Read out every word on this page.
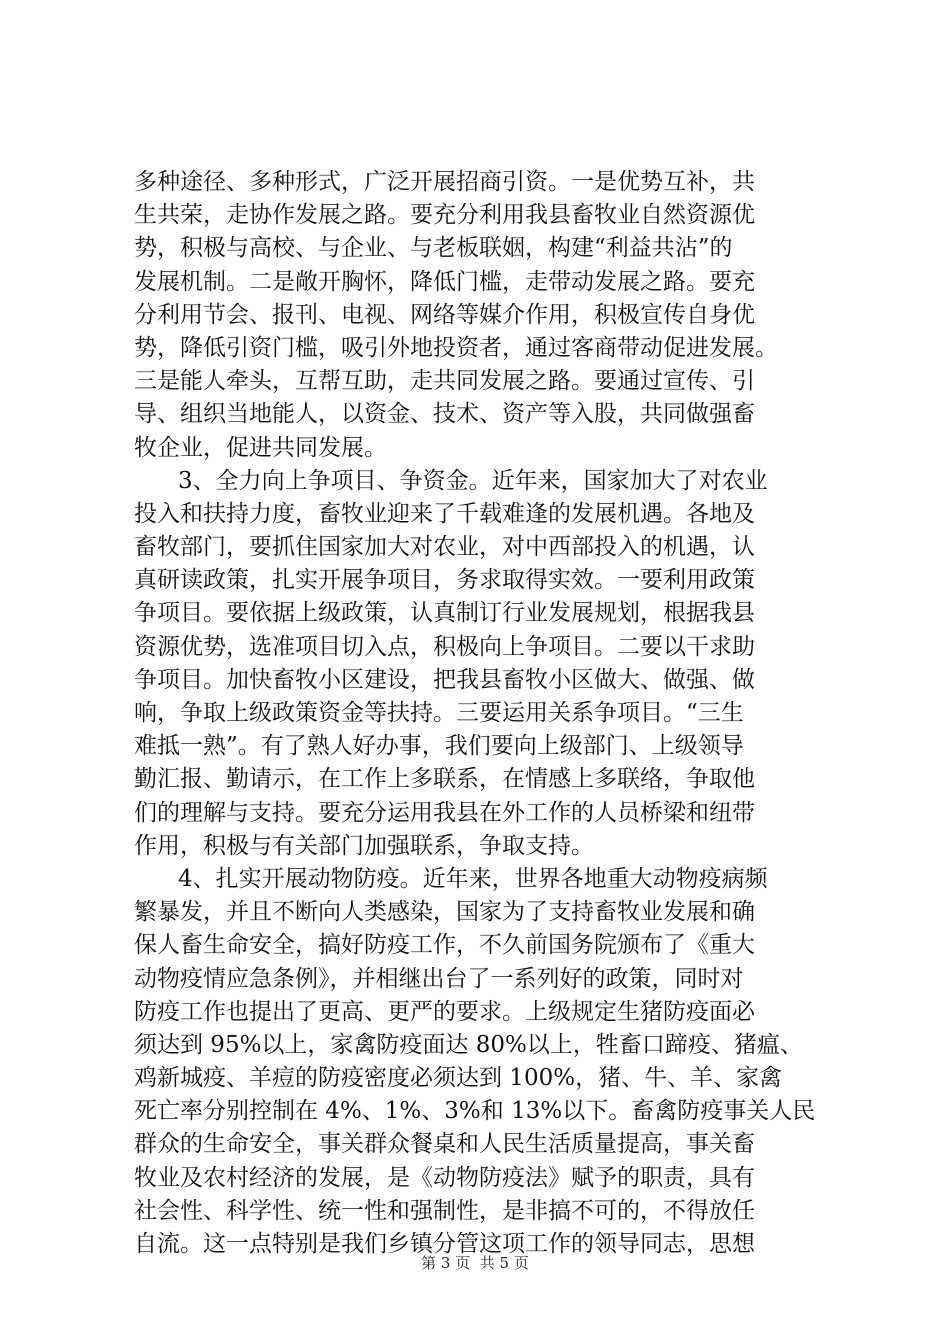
多种途径、多种形式，广泛开展招商引资。一是优势互补，共
生共荣，走协作发展之路。要充分利用我县畜牧业自然资源优
势，积极与高校、与企业、与老板联姻，构建“利益共沾”的
发展机制。二是敞开胸怀，降低门槛，走带动发展之路。要充
分利用节会、报刊、电视、网络等媒介作用，积极宣传自身优
势，降低引资门槛，吸引外地投资者，通过客商带动促进发展。
三是能人牵头，互帮互助，走共同发展之路。要通过宣传、引
导、组织当地能人，以资金、技术、资产等入股，共同做强畜
牧企业，促进共同发展。
3、全力向上争项目、争资金。近年来，国家加大了对农业
投入和扶持力度，畜牧业迎来了千载难逢的发展机遇。各地及
畜牧部门，要抓住国家加大对农业，对中西部投入的机遇，认
真研读政策，扎实开展争项目，务求取得实效。一要利用政策
争项目。要依据上级政策，认真制订行业发展规划，根据我县
资源优势，选准项目切入点，积极向上争项目。二要以干求助
争项目。加快畜牧小区建设，把我县畜牧小区做大、做强、做
响，争取上级政策资金等扶持。三要运用关系争项目。“三生
难抵一熟”。有了熟人好办事，我们要向上级部门、上级领导
勤汇报、勤请示，在工作上多联系，在情感上多联络，争取他
们的理解与支持。要充分运用我县在外工作的人员桥梁和纽带
作用，积极与有关部门加强联系，争取支持。
4、扎实开展动物防疫。近年来，世界各地重大动物疫病频
繁暴发，并且不断向人类感染，国家为了支持畜牧业发展和确
保人畜生命安全，搞好防疫工作，不久前国务院颁布了《重大
动物疫情应急条例》，并相继出台了一系列好的政策，同时对
防疫工作也提出了更高、更严的要求。上级规定生猪防疫面必
须达到 95%以上，家禽防疫面达 80%以上，牲畜口蹄疫、猪瘟、
鸡新城疫、羊痘的防疫密度必须达到 100%，猪、牛、羊、家禽
死亡率分别控制在 4%、1%、3%和 13%以下。畜禽防疫事关人民
群众的生命安全，事关群众餐桌和人民生活质量提高，事关畜
牧业及农村经济的发展，是《动物防疫法》赋予的职责，具有
社会性、科学性、统一性和强制性，是非搞不可的，不得放任
自流。这一点特别是我们乡镇分管这项工作的领导同志，思想
第 3 页  共 5 页
